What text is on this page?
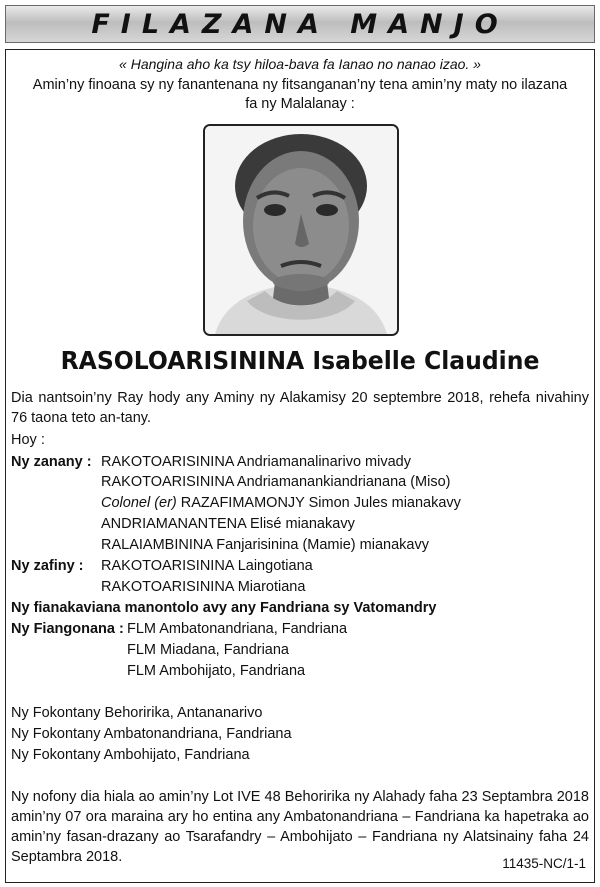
FILAZANA MANJO
« Hangina aho ka tsy hiloa-bava fa Ianao no nanao izao. »
Amin’ny finoana sy ny fanantenana ny fitsanganan’ny tena amin’ny maty no ilazana fa ny Malalanay :
RASOLOARISININA Isabelle Claudine
Dia nantsoin’ny Ray hody any Aminy ny Alakamisy 20 septembre 2018, rehefa nivahiny 76 taona teto an-tany.
Hoy :
Ny zanany : RAKOTOARISININA Andriamanalinarivo mivady
RAKOTOARISININA Andriamanankiandrianana (Miso)
Colonel (er) RAZAFIMAMONJY Simon Jules mianakavy
ANDRIAMANANTENA Elisé mianakavy
RALAIAMBININA Fanjarisinina (Mamie) mianakavy
Ny zafiny : RAKOTOARISININA Laingotiana
RAKOTOARISININA Miarotiana
Ny fianakaviana manontolo avy any Fandriana sy Vatomandry
Ny Fiangonana : FLM Ambatonandriana, Fandriana
FLM Miadana, Fandriana
FLM Ambohijato, Fandriana
Ny Fokontany Behoririka, Antananarivo
Ny Fokontany Ambatonandriana, Fandriana
Ny Fokontany Ambohijato, Fandriana
Ny nofony dia hiala ao amin’ny Lot IVE 48 Behoririka ny Alahady faha 23 Septambra 2018 amin’ny 07 ora maraina ary ho entina any Ambatonandriana – Fandriana ka hapetraka ao amin’ny fasan-drazany ao Tsarafandry – Ambohijato – Fandriana ny Alatsinainy faha 24 Septambra 2018.	11435-NC/1-1
